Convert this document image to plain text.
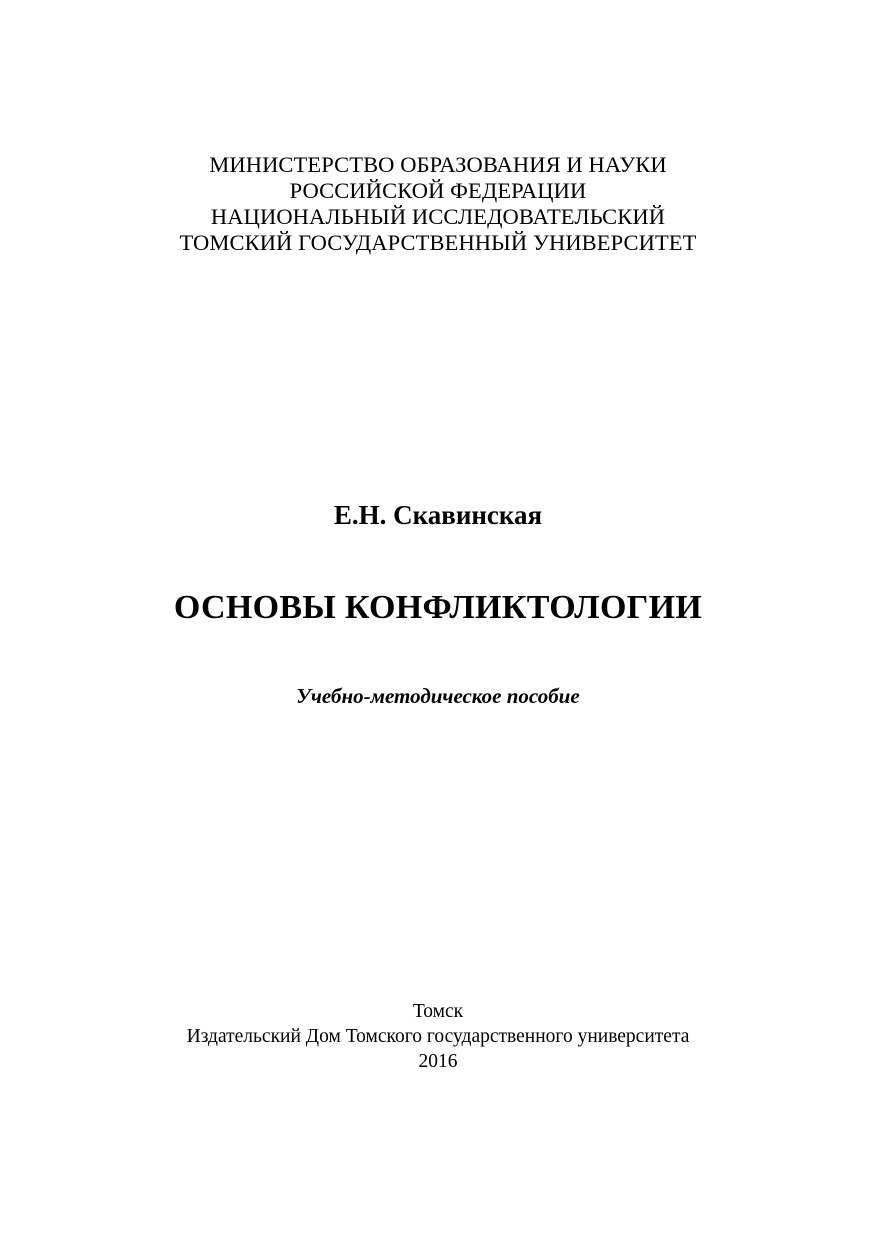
МИНИСТЕРСТВО ОБРАЗОВАНИЯ И НАУКИ
РОССИЙСКОЙ ФЕДЕРАЦИИ
НАЦИОНАЛЬНЫЙ ИССЛЕДОВАТЕЛЬСКИЙ
ТОМСКИЙ ГОСУДАРСТВЕННЫЙ УНИВЕРСИТЕТ
Е.Н. Скавинская
ОСНОВЫ КОНФЛИКТОЛОГИИ
Учебно-методическое пособие
Томск
Издательский Дом Томского государственного университета
2016
